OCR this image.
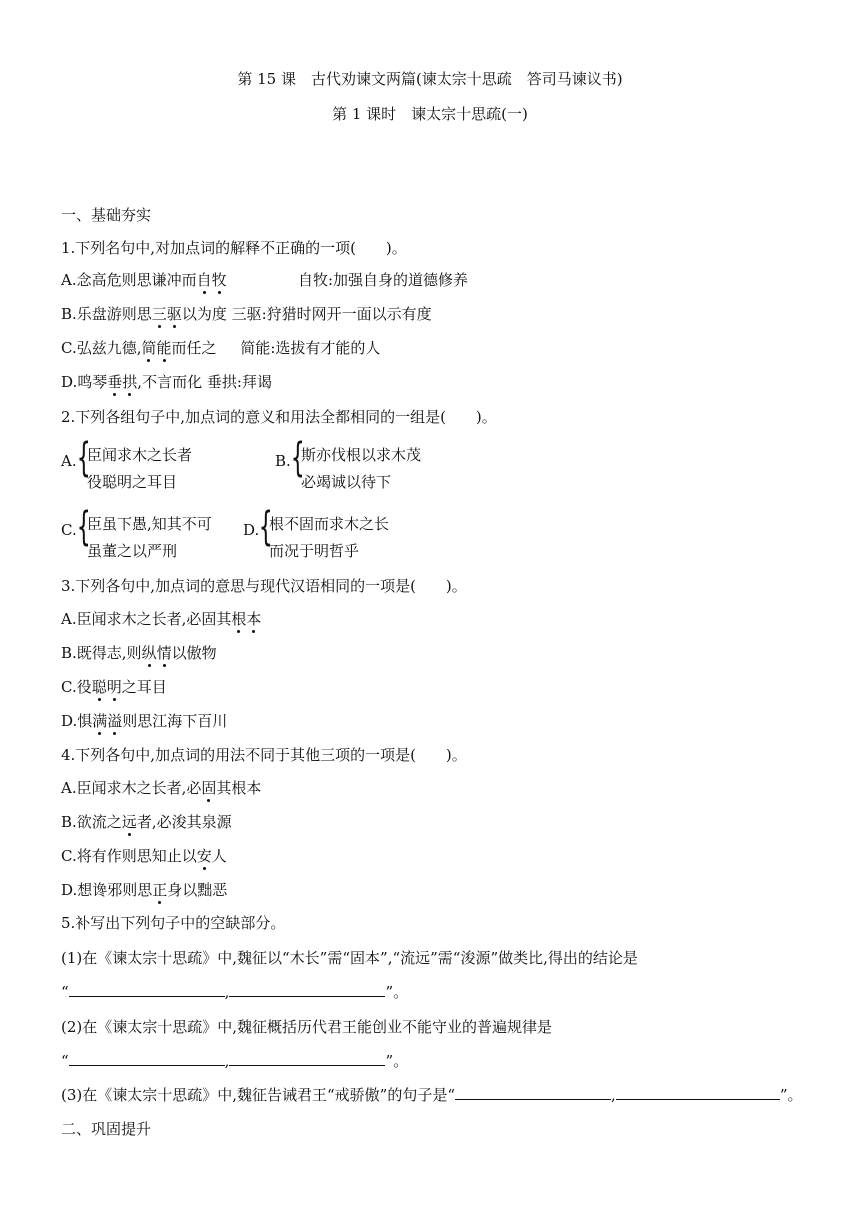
第 15 课　古代劝谏文两篇(谏太宗十思疏　答司马谏议书)
第 1 课时　谏太宗十思疏(一)
一、基础夯实
1.下列名句中,对加点词的解释不正确的一项(　　)。
A.念高危则思谦冲而自牧	自牧:加强自身的道德修养
B.乐盘游则思三驱以为度 三驱:狩猎时网开一面以示有度
C.弘兹九德,简能而任之 简能:选拔有才能的人
D.鸣琴垂拱,不言而化 垂拱:拜谒
2.下列各组句子中,加点词的意义和用法全都相同的一组是(　　)。
A. {
臣闻求木之长者
役聪明之耳目
B. {
斯亦伐根以求木茂
必竭诚以待下
C. {
臣虽下愚,知其不可
虽董之以严刑
D. {
根不固而求木之长
而况于明哲乎
3.下列各句中,加点词的意思与现代汉语相同的一项是(　　)。
A.臣闻求木之长者,必固其根本
B.既得志,则纵情以傲物
C.役聪明之耳目
D.惧满溢则思江海下百川
4.下列各句中,加点词的用法不同于其他三项的一项是(　　)。
A.臣闻求木之长者,必固其根本
B.欲流之远者,必浚其泉源
C.将有作则思知止以安人
D.想谗邪则思正身以黜恶
5.补写出下列句子中的空缺部分。
(1)在《谏太宗十思疏》中,魏征以“木长”需“固本”,“流远”需“浚源”做类比,得出的结论是
“	,	”。
(2)在《谏太宗十思疏》中,魏征概括历代君王能创业不能守业的普遍规律是
“	,	”。
(3)在《谏太宗十思疏》中,魏征告诫君王“戒骄傲”的句子是“	,	”。
二、巩固提升
